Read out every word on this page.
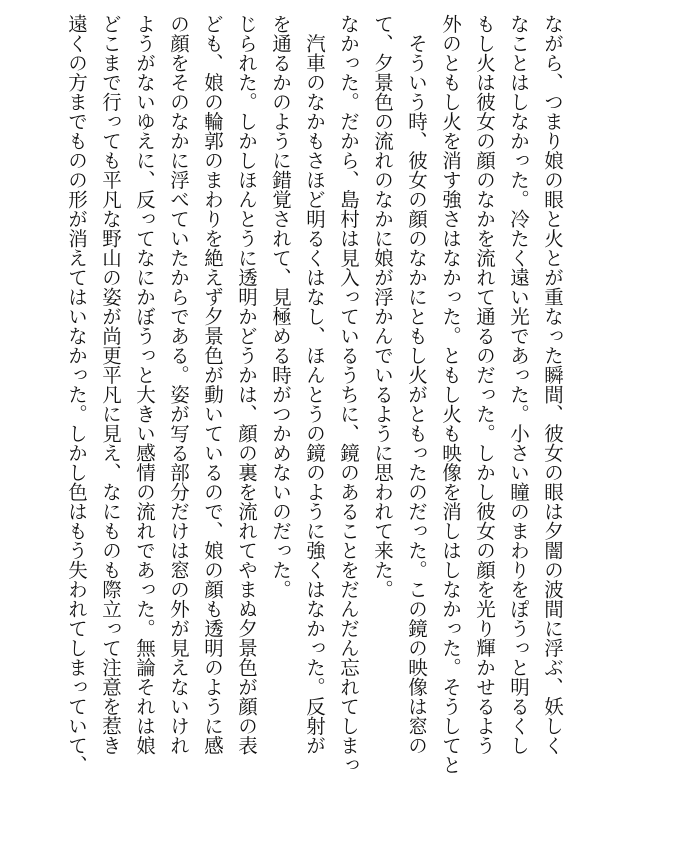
遠くの方までものの形が消えてはいなかった。しかし色はもう失われてしまっていて、 どこまで行っても平凡な野山の姿が尚更平凡に見え、なにものも際立って注意を惹き ようがないゆえに、反ってなにかぼうっと大きい感情の流れであった。無論それは娘 の顔をそのなかに浮べていたからである。姿が写る部分だけは窓の外が見えないけれ ども、娘の輪郭のまわりを絶えず夕景色が動いているので、娘の顔も透明のように感 じられた。しかしほんとうに透明かどうかは、顔の裏を流れてやまぬ夕景色が顔の表 を通るかのように錯覚されて、見極める時がつかめないのだった。 　汽車のなかもさほど明るくはなし、ほんとうの鏡のように強くはなかった。反射が なかった。だから、島村は見入っているうちに、鏡のあることをだんだん忘れてしまっ て、夕景色の流れのなかに娘が浮かんでいるように思われて来た。 　そういう時、彼女の顔のなかにともし火がともったのだった。この鏡の映像は窓の 外のともし火を消す強さはなかった。ともし火も映像を消しはしなかった。そうしてと もし火は彼女の顔のなかを流れて通るのだった。しかし彼女の顔を光り輝かせるよう なことはしなかった。冷たく遠い光であった。小さい瞳のまわりをぽうっと明るくし ながら、つまり娘の眼と火とが重なった瞬間、彼女の眼は夕闇の波間に浮ぶ、妖しく
